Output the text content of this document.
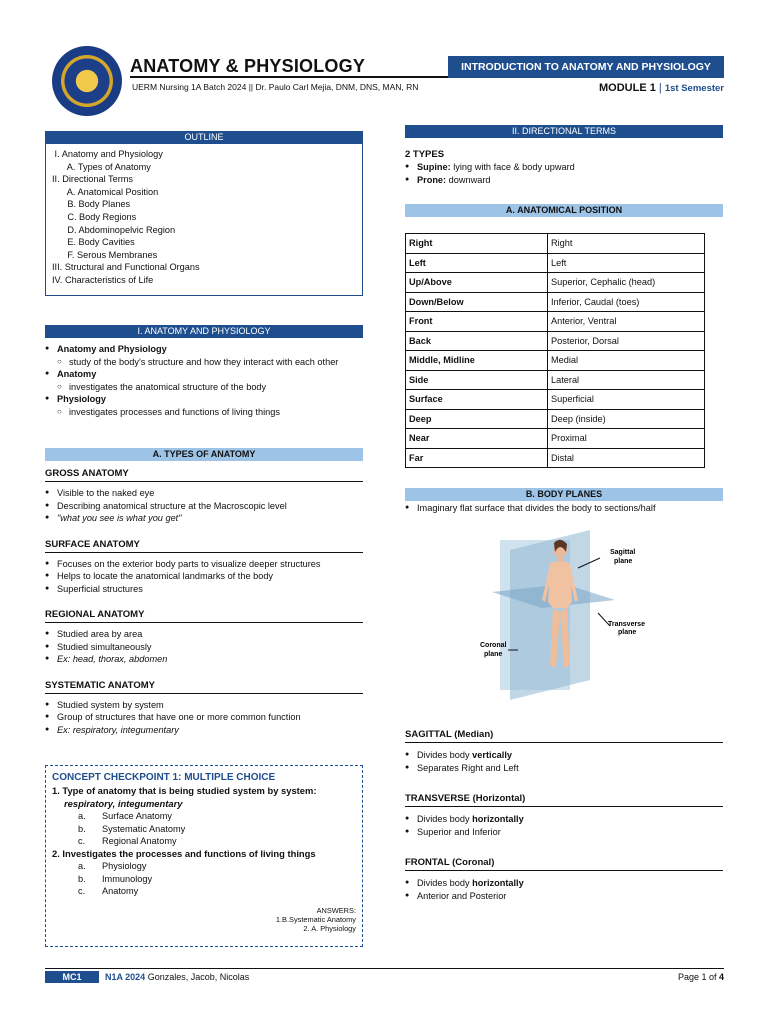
ANATOMY & PHYSIOLOGY
UERM Nursing 1A Batch 2024 || Dr. Paulo Carl Mejia, DNM, DNS, MAN, RN
INTRODUCTION TO ANATOMY AND PHYSIOLOGY
MODULE 1 | 1st Semester
OUTLINE
I. Anatomy and Physiology
A. Types of Anatomy
II. Directional Terms
A. Anatomical Position
B. Body Planes
C. Body Regions
D. Abdominopelvic Region
E. Body Cavities
F. Serous Membranes
III. Structural and Functional Organs
IV. Characteristics of Life
I. ANATOMY AND PHYSIOLOGY
● Anatomy and Physiology
○ study of the body's structure and how they interact with each other
● Anatomy
○ investigates the anatomical structure of the body
● Physiology
○ investigates processes and functions of living things
A. TYPES OF ANATOMY
GROSS ANATOMY
● Visible to the naked eye
● Describing anatomical structure at the Macroscopic level
● "what you see is what you get"
SURFACE ANATOMY
● Focuses on the exterior body parts to visualize deeper structures
● Helps to locate the anatomical landmarks of the body
● Superficial structures
REGIONAL ANATOMY
● Studied area by area
● Studied simultaneously
● Ex: head, thorax, abdomen
SYSTEMATIC ANATOMY
● Studied system by system
● Group of structures that have one or more common function
● Ex: respiratory, integumentary
CONCEPT CHECKPOINT 1: MULTIPLE CHOICE
1. Type of anatomy that is being studied system by system:
respiratory, integumentary
a. Surface Anatomy
b. Systematic Anatomy
c. Regional Anatomy
2. Investigates the processes and functions of living things
a. Physiology
b. Immunology
c. Anatomy
ANSWERS:
1.B.Systematic Anatomy
2. A. Physiology
II. DIRECTIONAL TERMS
2 TYPES
● Supine: lying with face & body upward
● Prone: downward
A. ANATOMICAL POSITION
Right	Right
Left	Left
Up/Above	Superior, Cephalic (head)
Down/Below	Inferior, Caudal (toes)
Front	Anterior, Ventral
Back	Posterior, Dorsal
Middle, Midline	Medial
Side	Lateral
Surface	Superficial
Deep	Deep (inside)
Near	Proximal
Far	Distal
B. BODY PLANES
● Imaginary flat surface that divides the body to sections/half
Sagittal
plane
Transverse
plane
Coronal
plane
SAGITTAL (Median)
● Divides body vertically
● Separates Right and Left
TRANSVERSE (Horizontal)
● Divides body horizontally
● Superior and Inferior
FRONTAL (Coronal)
● Divides body horizontally
● Anterior and Posterior
MC1	N1A 2024 Gonzales, Jacob, Nicolas	Page 1 of 4
